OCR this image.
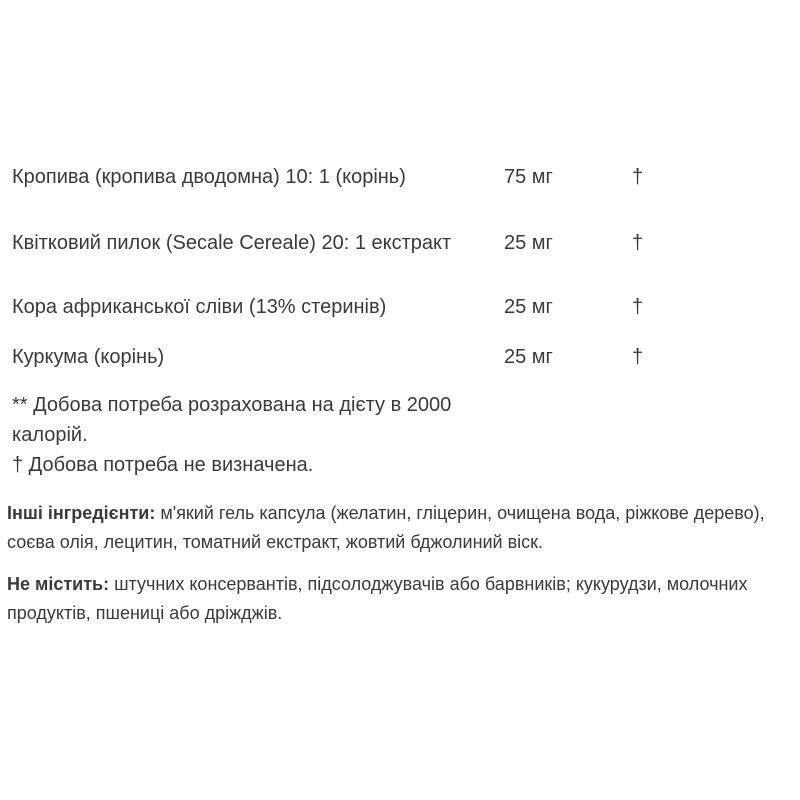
Кропива (кропива дводомна) 10: 1 (корінь)	75 мг	†
Квітковий пилок (Secale Cereale) 20: 1 екстракт	25 мг	†
Кора африканської сліви (13% стеринів)	25 мг	†
Куркума (корінь)	25 мг	†
** Добова потреба розрахована на дієту в 2000 калорій.
† Добова потреба не визначена.
Інші інгредієнти: м'який гель капсула (желатин, гліцерин, очищена вода, ріжкове дерево), соєва олія, лецитин, томатний екстракт, жовтий бджолиний віск.
Не містить: штучних консервантів, підсолоджувачів або барвників; кукурудзи, молочних продуктів, пшениці або дріжджів.
